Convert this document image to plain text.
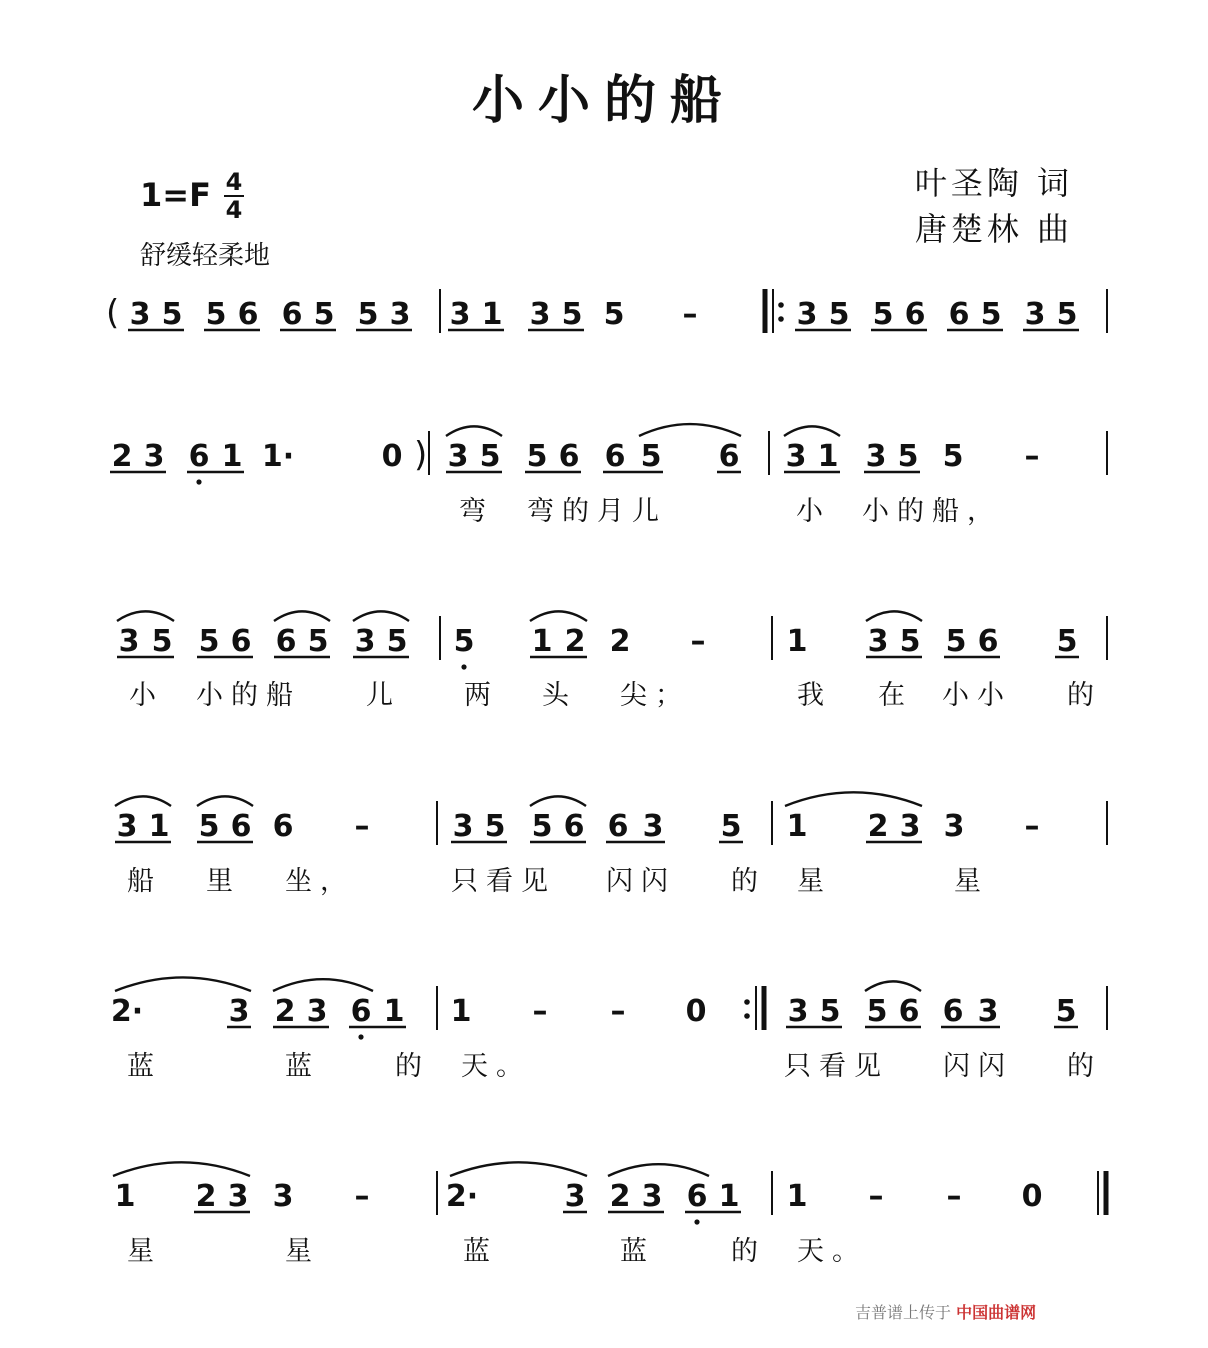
小小的船
1=F 4
4
舒缓轻柔地
叶圣陶 词
唐楚林 曲
(
)
3 5 5 6 6 5 5 3 3 1 3 5 5 –	3 5 5 6 6 5 3 5
2 3 6 1 1·	0 3 5 5 6 6 5 6 3 1 3 5 5 –
3 5 5 6 6 5 3 5 5 1 2 2 –	1 3 5 5 6 5
3 1 5 6 6 –	3 5 5 6 6 3 5 1 2 3 3 –
2·	3 2 3 6 1 1 – – 0	3 5 5 6 6 3 5
1 2 3 3 –	2·	3 2 3 6 1 1 – – 0
弯 弯的月儿	小 小的船，
小 小的船 儿 两 头 尖；	我 在 小小 的
船 里 坐，	只看见 闪闪 的 星	星
蓝	蓝	的 天。	只看见 闪闪 的
星	星	蓝	蓝	的 天。
吉普谱上传于 中国曲谱网
